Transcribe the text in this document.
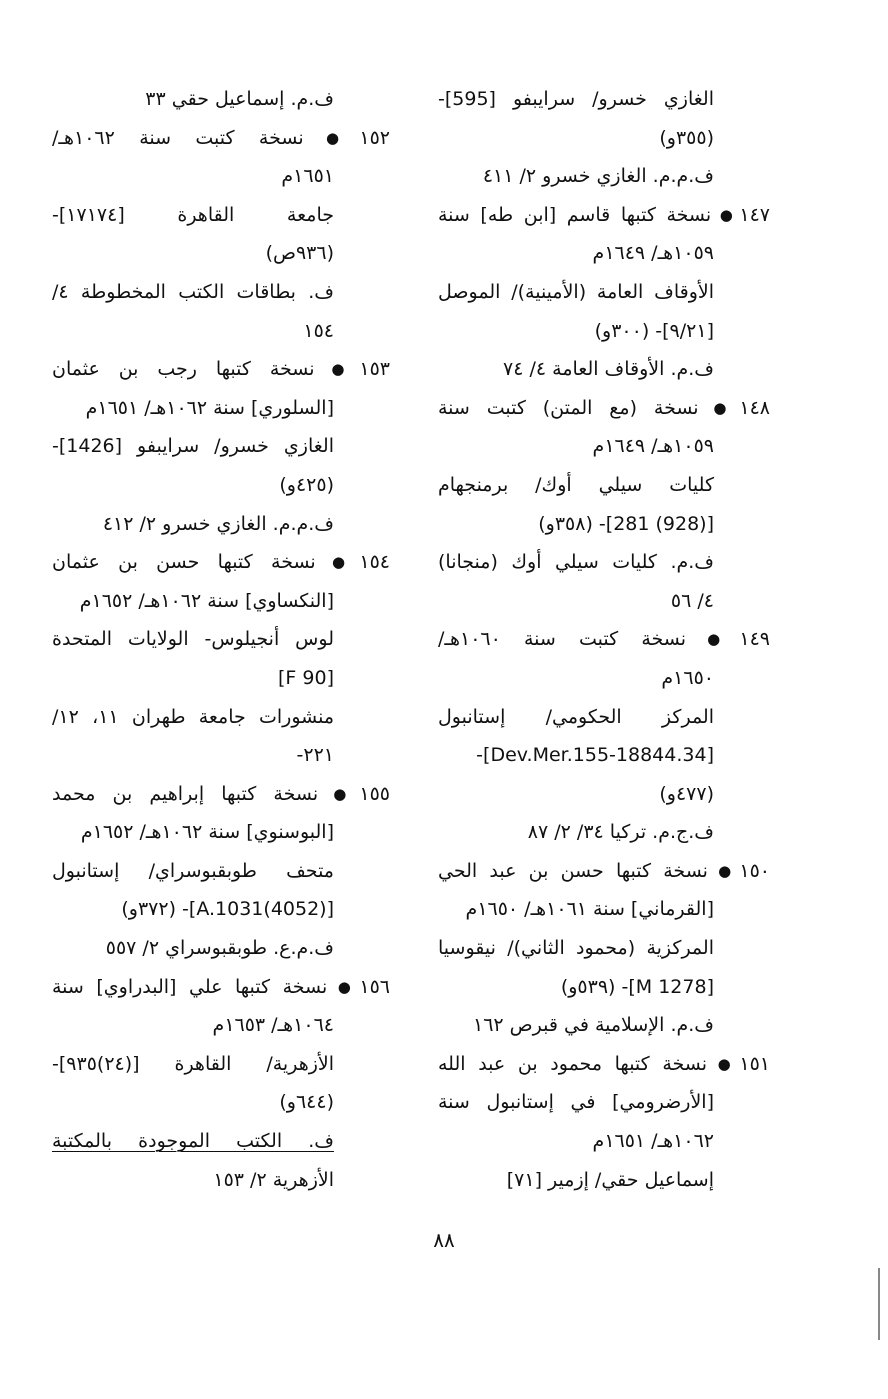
الغازي خسرو/ سرايبفو [595]-
(٣٥٥و)
ف.م.م. الغازي خسرو ٢/ ٤١١
١٤٧●نسخة كتبها قاسم [ابن طه] سنة
١٠٥٩هـ/ ١٦٤٩م
الأوقاف العامة (الأمينية)/ الموصل
[٩/٢١]- (٣٠٠و)
ف.م. الأوقاف العامة ٤/ ٧٤
١٤٨●نسخة (مع المتن) كتبت سنة
١٠٥٩هـ/ ١٦٤٩م
كليات سيلي أوك/ برمنجهام
[(928) 281]- (٣٥٨و)
ف.م. كليات سيلي أوك (منجانا)
٤/ ٥٦
١٤٩●نسخة كتبت سنة ١٠٦٠هـ/
١٦٥٠م
المركز الحكومي/ إستانبول
[34.Dev.Mer.155-18844]-
(٤٧٧و)
ف.ج.م. تركيا ٣٤/ ٢/ ٨٧
١٥٠●نسخة كتبها حسن بن عبد الحي
[القرماني] سنة ١٠٦١هـ/ ١٦٥٠م
المركزية (محمود الثاني)/ نيقوسيا
[M 1278]- (٥٣٩و)
ف.م. الإسلامية في قبرص ١٦٢
١٥١●نسخة كتبها محمود بن عبد الله
[الأرضرومي] في إستانبول سنة
١٠٦٢هـ/ ١٦٥١م
إسماعيل حقي/ إزمير [٧١]
ف.م. إسماعيل حقي ٣٣
١٥٢●نسخة كتبت سنة ١٠٦٢هـ/
١٦٥١م
جامعة القاهرة [١٧١٧٤]-
(٩٣٦ص)
ف. بطاقات الكتب المخطوطة ٤/
١٥٤
١٥٣●نسخة كتبها رجب بن عثمان
[السلوري] سنة ١٠٦٢هـ/ ١٦٥١م
الغازي خسرو/ سرايبفو [1426]-
(٤٢٥و)
ف.م.م. الغازي خسرو ٢/ ٤١٢
١٥٤●نسخة كتبها حسن بن عثمان
[النكساوي] سنة ١٠٦٢هـ/ ١٦٥٢م
لوس أنجيلوس- الولايات المتحدة
[F 90]
منشورات جامعة طهران ١١، ١٢/
٢٢١-
١٥٥●نسخة كتبها إبراهيم بن محمد
[البوسنوي] سنة ١٠٦٢هـ/ ١٦٥٢م
متحف طوبقبوسراي/ إستانبول
[(4052)A.1031]- (٣٧٢و)
ف.م.ع. طوبقبوسراي ٢/ ٥٥٧
١٥٦●نسخة كتبها علي [البدراوي] سنة
١٠٦٤هـ/ ١٦٥٣م
الأزهرية/ القاهرة [(٢٤)٩٣٥]-
(٦٤٤و)
ف. الكتب الموجودة بالمكتبة
الأزهرية ٢/ ١٥٣
٨٨
